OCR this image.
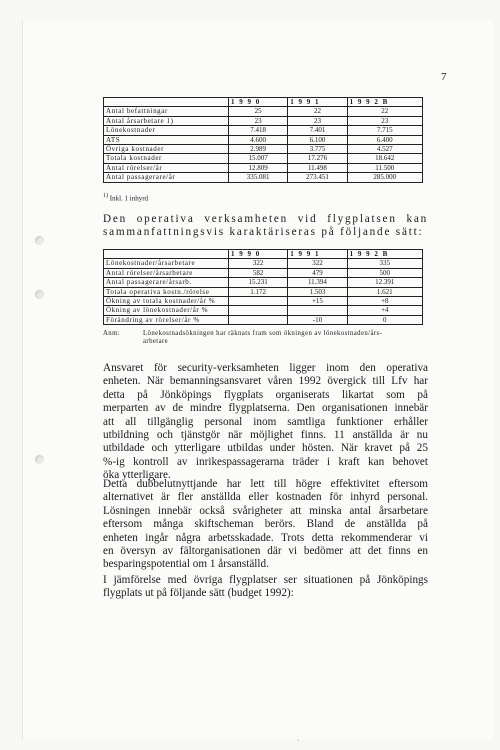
7
	1 9 9 0	1 9 9 1	1 9 9 2 B
Antal befattningar	25	22	22
Antal årsarbetare 1)	23	23	23
Lönekostnader	7.418	7.401	7.715
ATS	4.600	6.100	6.400
Övriga kostnader	2.989	3.775	4.527
Totala kostnader	15.007	17.276	18.642
Antal rörelser/år	12.809	11.498	11.500
Antal passagerare/år	335.081	273.451	285.000
$^{1)}$ Inkl. 1 inhyrd

Den operativa verksamheten vid flygplatsen kan
sammanfattningsvis karaktäriseras på följande sätt:

	1 9 9 0	1 9 9 1	1 9 9 2 B
Lönekostnader/årsarbetare	322	322	335
Antal rörelser/årsarbetare	582	479	500
Antal passagerare/årsarb.	15.231	11.394	12.391
Totala operativa kostn./rörelse	1.172	1.503	1.621
Ökning av totala kostnader/år %		+15	+8
Ökning av lönekostnader/år %			+4
Förändring av rörelser/år %		-10	0
Anm:	Lönekostnadsökningen har räknats fram som ökningen av lönekostnaden/års-
arbetare

Ansvaret för security-verksamheten ligger inom den operativa
enheten. När bemanningsansvaret våren 1992 övergick till Lfv har
detta på Jönköpings flygplats organiserats likartat som på
merparten av de mindre flygplatserna. Den organisationen innebär
att all tillgänglig personal inom samtliga funktioner erhåller
utbildning och tjänstgör när möjlighet finns. 11 anställda är nu
utbildade och ytterligare utbildas under hösten. När kravet på 25
%-ig kontroll av inrikespassagerarna träder i kraft kan behovet
öka ytterligare.

Detta dubbelutnyttjande har lett till högre effektivitet eftersom
alternativet är fler anställda eller kostnaden för inhyrd personal.
Lösningen innebär också svårigheter att minska antal årsarbetare
eftersom många skiftscheman berörs. Bland de anställda på
enheten ingår några arbetsskadade. Trots detta rekommenderar vi
en översyn av fältorganisationen där vi bedömer att det finns en
besparingspotential om 1 årsanställd.

I jämförelse med övriga flygplatser ser situationen på Jönköpings
flygplats ut på följande sätt (budget 1992):

·
